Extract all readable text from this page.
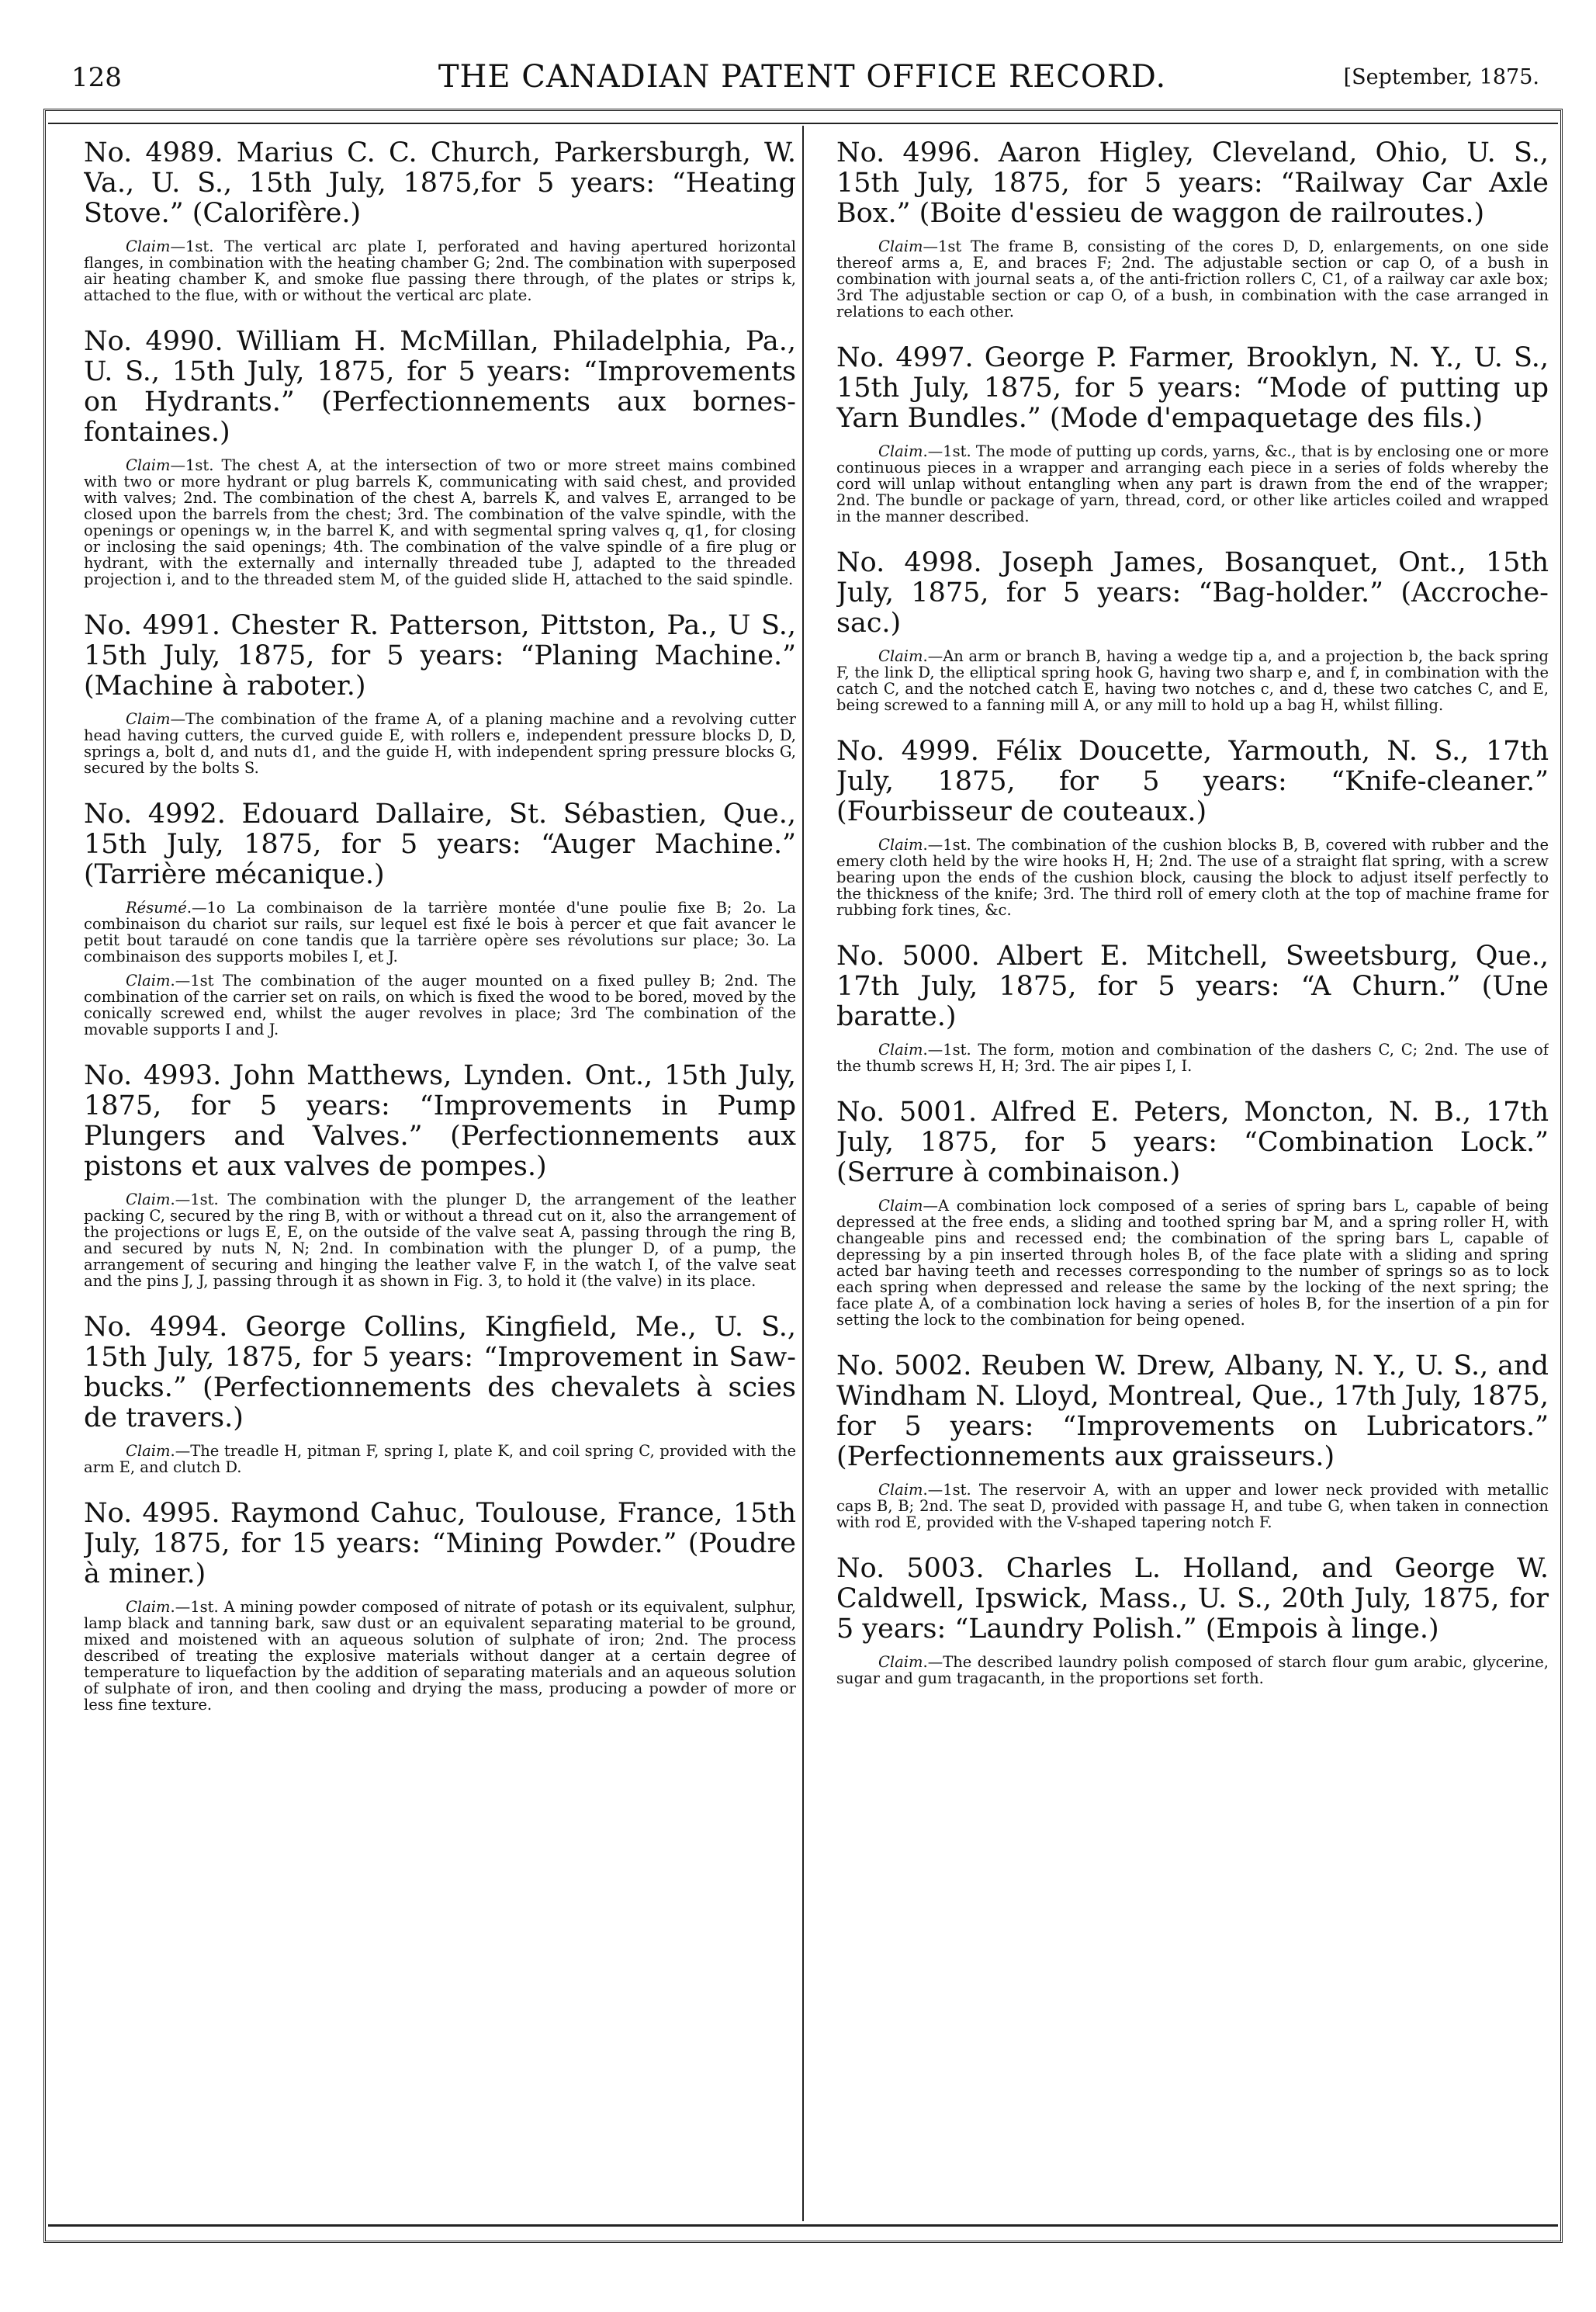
128	THE CANADIAN PATENT OFFICE RECORD.	[September, 1875.

No. 4989. Marius C. C. Church, Parkersburgh, W. Va., U. S., 15th July, 1875,for 5 years: “Heating Stove.” (Calorifère.)

Claim—1st. The vertical arc plate I, perforated and having apertured horizontal flanges, in combination with the heating chamber G; 2nd. The combination with superposed air heating chamber K, and smoke flue passing there through, of the plates or strips k, attached to the flue, with or without the vertical arc plate.

No. 4990. William H. McMillan, Philadelphia, Pa., U. S., 15th July, 1875, for 5 years: “Improvements on Hydrants.” (Perfectionnements aux bornes-fontaines.)

Claim—1st. The chest A, at the intersection of two or more street mains combined with two or more hydrant or plug barrels K, communicating with said chest, and provided with valves; 2nd. The combination of the chest A, barrels K, and valves E, arranged to be closed upon the barrels from the chest; 3rd. The combination of the valve spindle, with the openings or openings w, in the barrel K, and with segmental spring valves q, q1, for closing or inclosing the said openings; 4th. The combination of the valve spindle of a fire plug or hydrant, with the externally and internally threaded tube J, adapted to the threaded projection i, and to the threaded stem M, of the guided slide H, attached to the said spindle.

No. 4991. Chester R. Patterson, Pittston, Pa., U S., 15th July, 1875, for 5 years: “Planing Machine.” (Machine à raboter.)

Claim—The combination of the frame A, of a planing machine and a revolving cutter head having cutters, the curved guide E, with rollers e, independent pressure blocks D, D, springs a, bolt d, and nuts d1, and the guide H, with independent spring pressure blocks G, secured by the bolts S.

No. 4992. Edouard Dallaire, St. Sébastien, Que., 15th July, 1875, for 5 years: “Auger Machine.” (Tarrière mécanique.)

Résumé.—1o La combinaison de la tarrière montée d'une poulie fixe B; 2o. La combinaison du chariot sur rails, sur lequel est fixé le bois à percer et que fait avancer le petit bout taraudé on cone tandis que la tarrière opère ses révolutions sur place; 3o. La combinaison des supports mobiles I, et J.

Claim.—1st The combination of the auger mounted on a fixed pulley B; 2nd. The combination of the carrier set on rails, on which is fixed the wood to be bored, moved by the conically screwed end, whilst the auger revolves in place; 3rd The combination of the movable supports I and J.

No. 4993. John Matthews, Lynden. Ont., 15th July, 1875, for 5 years: “Improvements in Pump Plungers and Valves.” (Perfectionnements aux pistons et aux valves de pompes.)

Claim.—1st. The combination with the plunger D, the arrangement of the leather packing C, secured by the ring B, with or without a thread cut on it, also the arrangement of the projections or lugs E, E, on the outside of the valve seat A, passing through the ring B, and secured by nuts N, N; 2nd. In combination with the plunger D, of a pump, the arrangement of securing and hinging the leather valve F, in the watch I, of the valve seat and the pins J, J, passing through it as shown in Fig. 3, to hold it (the valve) in its place.

No. 4994. George Collins, Kingfield, Me., U. S., 15th July, 1875, for 5 years: “Improvement in Saw-bucks.” (Perfectionnements des chevalets à scies de travers.)

Claim.—The treadle H, pitman F, spring I, plate K, and coil spring C, provided with the arm E, and clutch D.

No. 4995. Raymond Cahuc, Toulouse, France, 15th July, 1875, for 15 years: “Mining Powder.” (Poudre à miner.)

Claim.—1st. A mining powder composed of nitrate of potash or its equivalent, sulphur, lamp black and tanning bark, saw dust or an equivalent separating material to be ground, mixed and moistened with an aqueous solution of sulphate of iron; 2nd. The process described of treating the explosive materials without danger at a certain degree of temperature to liquefaction by the addition of separating materials and an aqueous solution of sulphate of iron, and then cooling and drying the mass, producing a powder of more or less fine texture.

No. 4996. Aaron Higley, Cleveland, Ohio, U. S., 15th July, 1875, for 5 years: “Railway Car Axle Box.” (Boite d'essieu de waggon de railroutes.)

Claim—1st The frame B, consisting of the cores D, D, enlargements, on one side thereof arms a, E, and braces F; 2nd. The adjustable section or cap O, of a bush in combination with journal seats a, of the anti-friction rollers C, C1, of a railway car axle box; 3rd The adjustable section or cap O, of a bush, in combination with the case arranged in relations to each other.

No. 4997. George P. Farmer, Brooklyn, N. Y., U. S., 15th July, 1875, for 5 years: “Mode of putting up Yarn Bundles.” (Mode d'empaquetage des fils.)

Claim.—1st. The mode of putting up cords, yarns, &c., that is by enclosing one or more continuous pieces in a wrapper and arranging each piece in a series of folds whereby the cord will unlap without entangling when any part is drawn from the end of the wrapper; 2nd. The bundle or package of yarn, thread, cord, or other like articles coiled and wrapped in the manner described.

No. 4998. Joseph James, Bosanquet, Ont., 15th July, 1875, for 5 years: “Bag-holder.” (Accroche-sac.)

Claim.—An arm or branch B, having a wedge tip a, and a projection b, the back spring F, the link D, the elliptical spring hook G, having two sharp e, and f, in combination with the catch C, and the notched catch E, having two notches c, and d, these two catches C, and E, being screwed to a fanning mill A, or any mill to hold up a bag H, whilst filling.

No. 4999. Félix Doucette, Yarmouth, N. S., 17th July, 1875, for 5 years: “Knife-cleaner.” (Fourbisseur de couteaux.)

Claim.—1st. The combination of the cushion blocks B, B, covered with rubber and the emery cloth held by the wire hooks H, H; 2nd. The use of a straight flat spring, with a screw bearing upon the ends of the cushion block, causing the block to adjust itself perfectly to the thickness of the knife; 3rd. The third roll of emery cloth at the top of machine frame for rubbing fork tines, &c.

No. 5000. Albert E. Mitchell, Sweetsburg, Que., 17th July, 1875, for 5 years: “A Churn.” (Une baratte.)

Claim.—1st. The form, motion and combination of the dashers C, C; 2nd. The use of the thumb screws H, H; 3rd. The air pipes I, I.

No. 5001. Alfred E. Peters, Moncton, N. B., 17th July, 1875, for 5 years: “Combination Lock.” (Serrure à combinaison.)

Claim—A combination lock composed of a series of spring bars L, capable of being depressed at the free ends, a sliding and toothed spring bar M, and a spring roller H, with changeable pins and recessed end; the combination of the spring bars L, capable of depressing by a pin inserted through holes B, of the face plate with a sliding and spring acted bar having teeth and recesses corresponding to the number of springs so as to lock each spring when depressed and release the same by the locking of the next spring; the face plate A, of a combination lock having a series of holes B, for the insertion of a pin for setting the lock to the combination for being opened.

No. 5002. Reuben W. Drew, Albany, N. Y., U. S., and Windham N. Lloyd, Montreal, Que., 17th July, 1875, for 5 years: “Improvements on Lubricators.” (Perfectionnements aux graisseurs.)

Claim.—1st. The reservoir A, with an upper and lower neck provided with metallic caps B, B; 2nd. The seat D, provided with passage H, and tube G, when taken in connection with rod E, provided with the V-shaped tapering notch F.

No. 5003. Charles L. Holland, and George W. Caldwell, Ipswick, Mass., U. S., 20th July, 1875, for 5 years: “Laundry Polish.” (Empois à linge.)

Claim.—The described laundry polish composed of starch flour gum arabic, glycerine, sugar and gum tragacanth, in the proportions set forth.
